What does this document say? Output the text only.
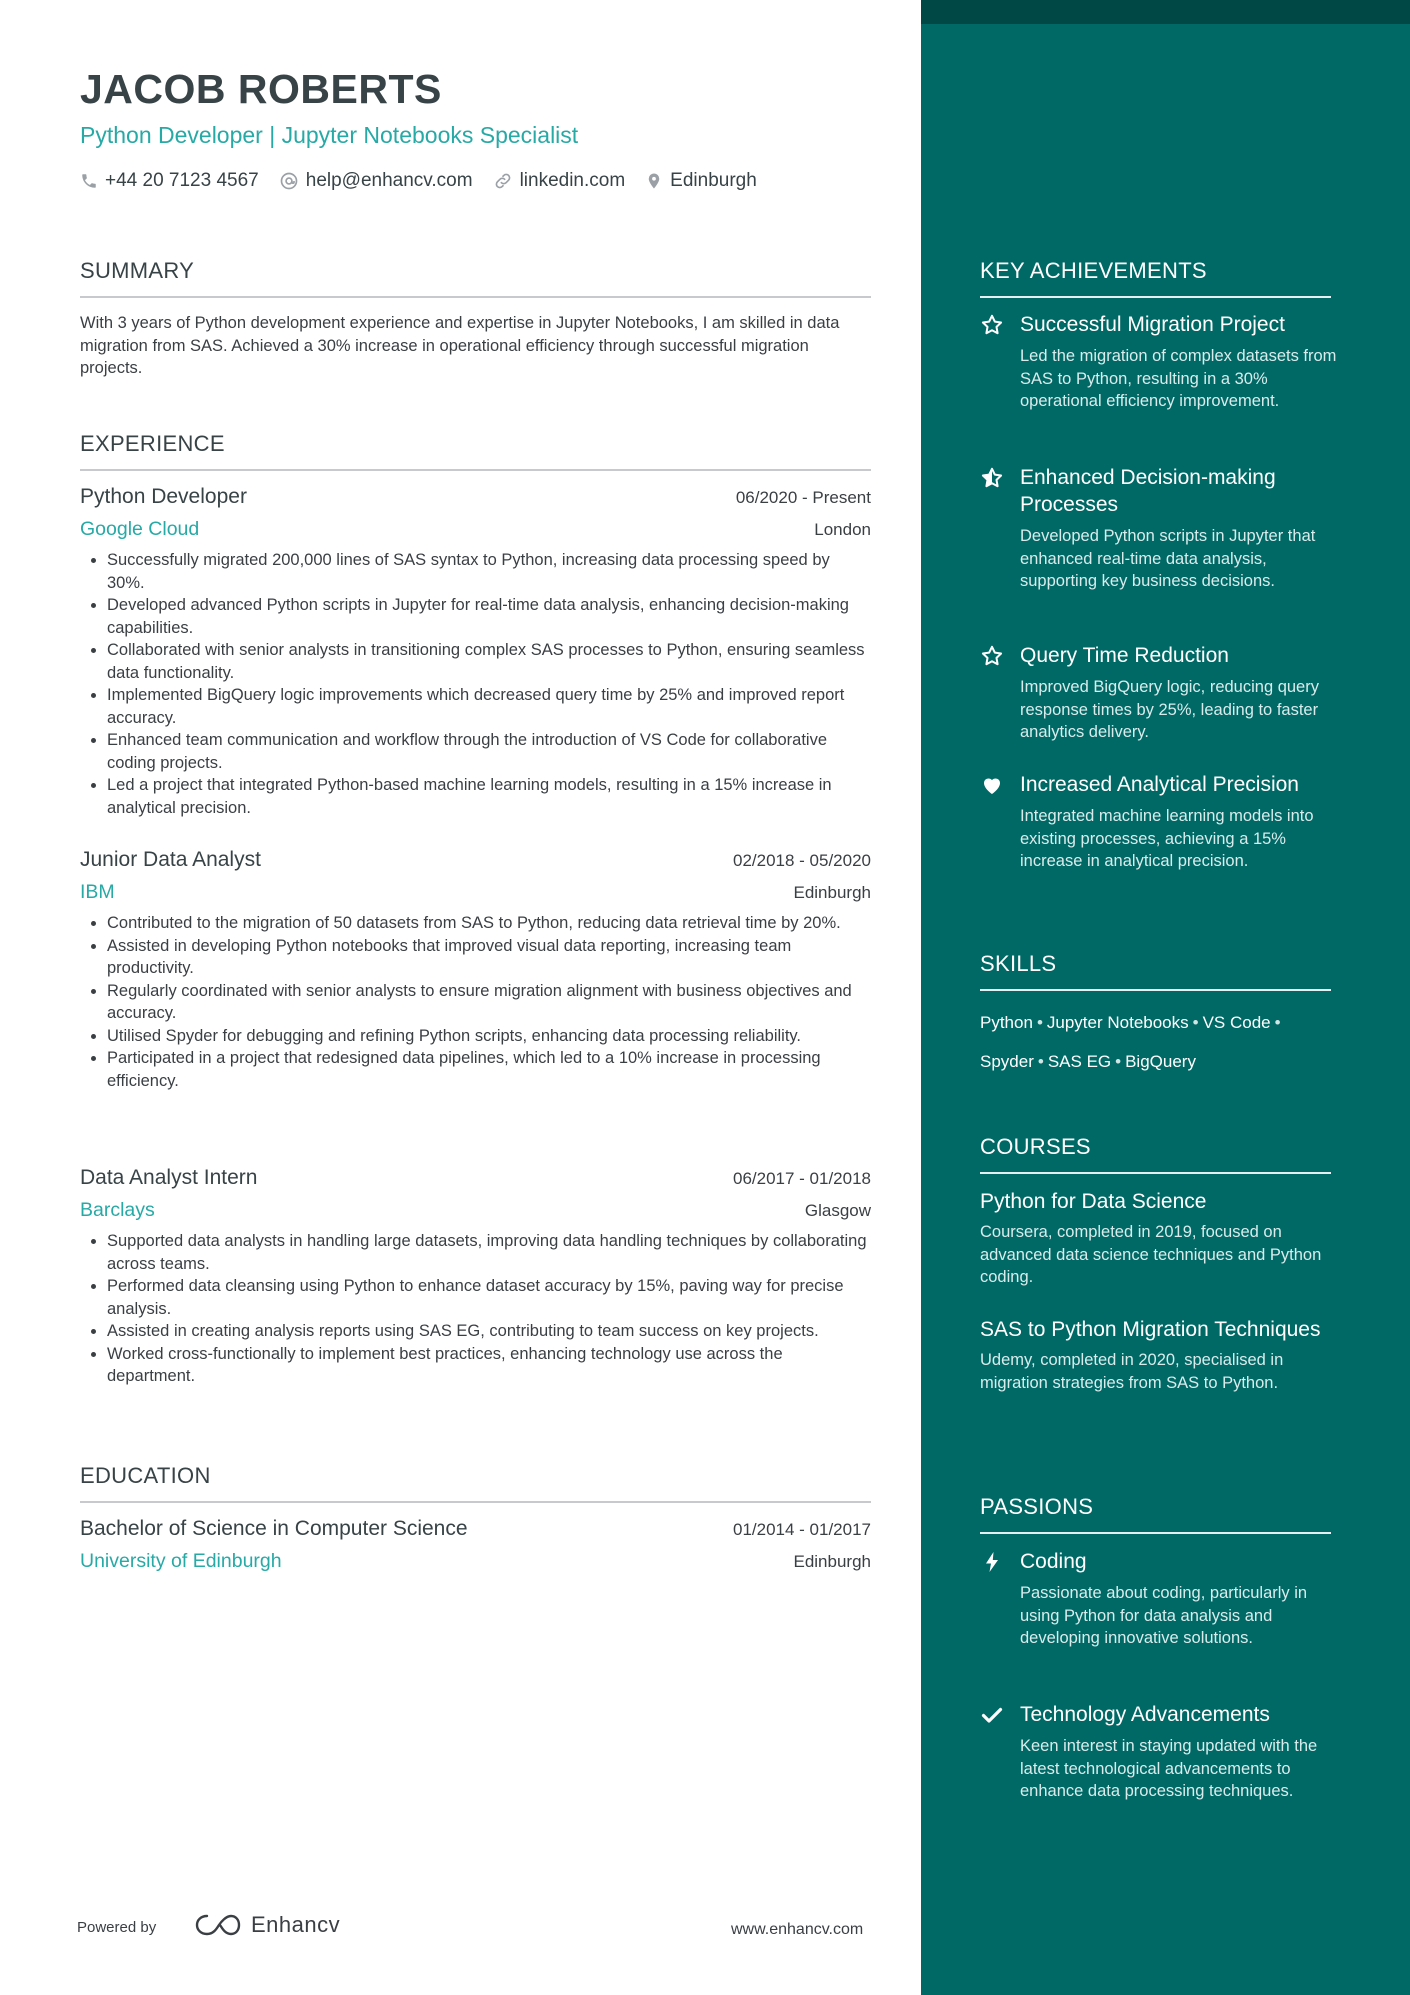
JACOB ROBERTS
Python Developer | Jupyter Notebooks Specialist
+44 20 7123 4567 help@enhancv.com linkedin.com Edinburgh
SUMMARY
With 3 years of Python development experience and expertise in Jupyter Notebooks, I am skilled in data migration from SAS. Achieved a 30% increase in operational efficiency through successful migration projects.
EXPERIENCE
Python Developer	06/2020 - Present
Google Cloud	London
• Successfully migrated 200,000 lines of SAS syntax to Python, increasing data processing speed by 30%.
• Developed advanced Python scripts in Jupyter for real-time data analysis, enhancing decision-making capabilities.
• Collaborated with senior analysts in transitioning complex SAS processes to Python, ensuring seamless data functionality.
• Implemented BigQuery logic improvements which decreased query time by 25% and improved report accuracy.
• Enhanced team communication and workflow through the introduction of VS Code for collaborative coding projects.
• Led a project that integrated Python-based machine learning models, resulting in a 15% increase in analytical precision.
Junior Data Analyst	02/2018 - 05/2020
IBM	Edinburgh
• Contributed to the migration of 50 datasets from SAS to Python, reducing data retrieval time by 20%.
• Assisted in developing Python notebooks that improved visual data reporting, increasing team productivity.
• Regularly coordinated with senior analysts to ensure migration alignment with business objectives and accuracy.
• Utilised Spyder for debugging and refining Python scripts, enhancing data processing reliability.
• Participated in a project that redesigned data pipelines, which led to a 10% increase in processing efficiency.
Data Analyst Intern	06/2017 - 01/2018
Barclays	Glasgow
• Supported data analysts in handling large datasets, improving data handling techniques by collaborating across teams.
• Performed data cleansing using Python to enhance dataset accuracy by 15%, paving way for precise analysis.
• Assisted in creating analysis reports using SAS EG, contributing to team success on key projects.
• Worked cross-functionally to implement best practices, enhancing technology use across the department.
EDUCATION
Bachelor of Science in Computer Science	01/2014 - 01/2017
University of Edinburgh	Edinburgh
KEY ACHIEVEMENTS
Successful Migration Project
Led the migration of complex datasets from SAS to Python, resulting in a 30% operational efficiency improvement.
Enhanced Decision-making Processes
Developed Python scripts in Jupyter that enhanced real-time data analysis, supporting key business decisions.
Query Time Reduction
Improved BigQuery logic, reducing query response times by 25%, leading to faster analytics delivery.
Increased Analytical Precision
Integrated machine learning models into existing processes, achieving a 15% increase in analytical precision.
SKILLS
Python • Jupyter Notebooks • VS Code •
Spyder • SAS EG • BigQuery
COURSES
Python for Data Science
Coursera, completed in 2019, focused on advanced data science techniques and Python coding.
SAS to Python Migration Techniques
Udemy, completed in 2020, specialised in migration strategies from SAS to Python.
PASSIONS
Coding
Passionate about coding, particularly in using Python for data analysis and developing innovative solutions.
Technology Advancements
Keen interest in staying updated with the latest technological advancements to enhance data processing techniques.
Powered by	Enhancv	www.enhancv.com
